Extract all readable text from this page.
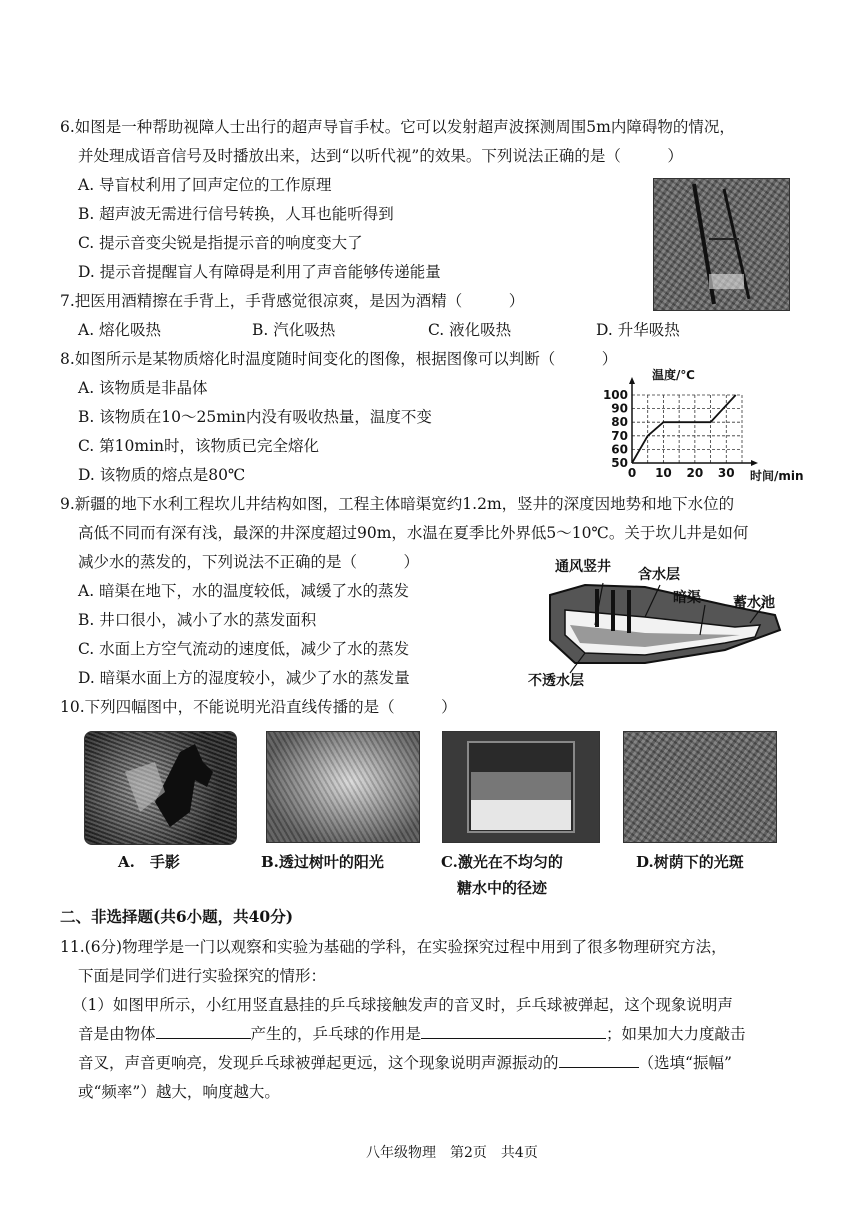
6.如图是一种帮助视障人士出行的超声导盲手杖。它可以发射超声波探测周围5m内障碍物的情况，
并处理成语音信号及时播放出来，达到“以听代视”的效果。下列说法正确的是（　　　）
A. 导盲杖利用了回声定位的工作原理
B. 超声波无需进行信号转换，人耳也能听得到
C. 提示音变尖锐是指提示音的响度变大了
D. 提示音提醒盲人有障碍是利用了声音能够传递能量
7.把医用酒精擦在手背上，手背感觉很凉爽，是因为酒精（　　　）
A. 熔化吸热	B. 汽化吸热	C. 液化吸热	D. 升华吸热
8.如图所示是某物质熔化时温度随时间变化的图像，根据图像可以判断（　　　）
A. 该物质是非晶体
B. 该物质在10～25min内没有吸收热量，温度不变
C. 第10min时，该物质已完全熔化
D. 该物质的熔点是80℃	0 10 20 30
50
60
70
80
90
100
温度/℃
时间/min
9.新疆的地下水利工程坎儿井结构如图，工程主体暗渠宽约1.2m，竖井的深度因地势和地下水位的
高低不同而有深有浅，最深的井深度超过90m，水温在夏季比外界低5～10℃。关于坎儿井是如何
减少水的蒸发的，下列说法不正确的是（　　　）
A. 暗渠在地下，水的温度较低，减缓了水的蒸发
B. 井口很小，减小了水的蒸发面积
C. 水面上方空气流动的速度低，减少了水的蒸发
D. 暗渠水面上方的湿度较小，减少了水的蒸发量
通风竖井 含水层
暗渠 蓄水池
不透水层
10.下列四幅图中，不能说明光沿直线传播的是（　　　）
A.　手影	B.透过树叶的阳光	C.激光在不均匀的
糖水中的径迹
D.树荫下的光斑
二、非选择题(共6小题，共40分)
11.(6分)物理学是一门以观察和实验为基础的学科，在实验探究过程中用到了很多物理研究方法，
下面是同学们进行实验探究的情形：
（1）如图甲所示，小红用竖直悬挂的乒乓球接触发声的音叉时，乒乓球被弹起，这个现象说明声
音是由物体	产生的，乒乓球的作用是	；如果加大力度敲击
音叉，声音更响亮，发现乒乓球被弹起更远，这个现象说明声源振动的	（选填“振幅”
或“频率”）越大，响度越大。
八年级物理　第2页　共4页
